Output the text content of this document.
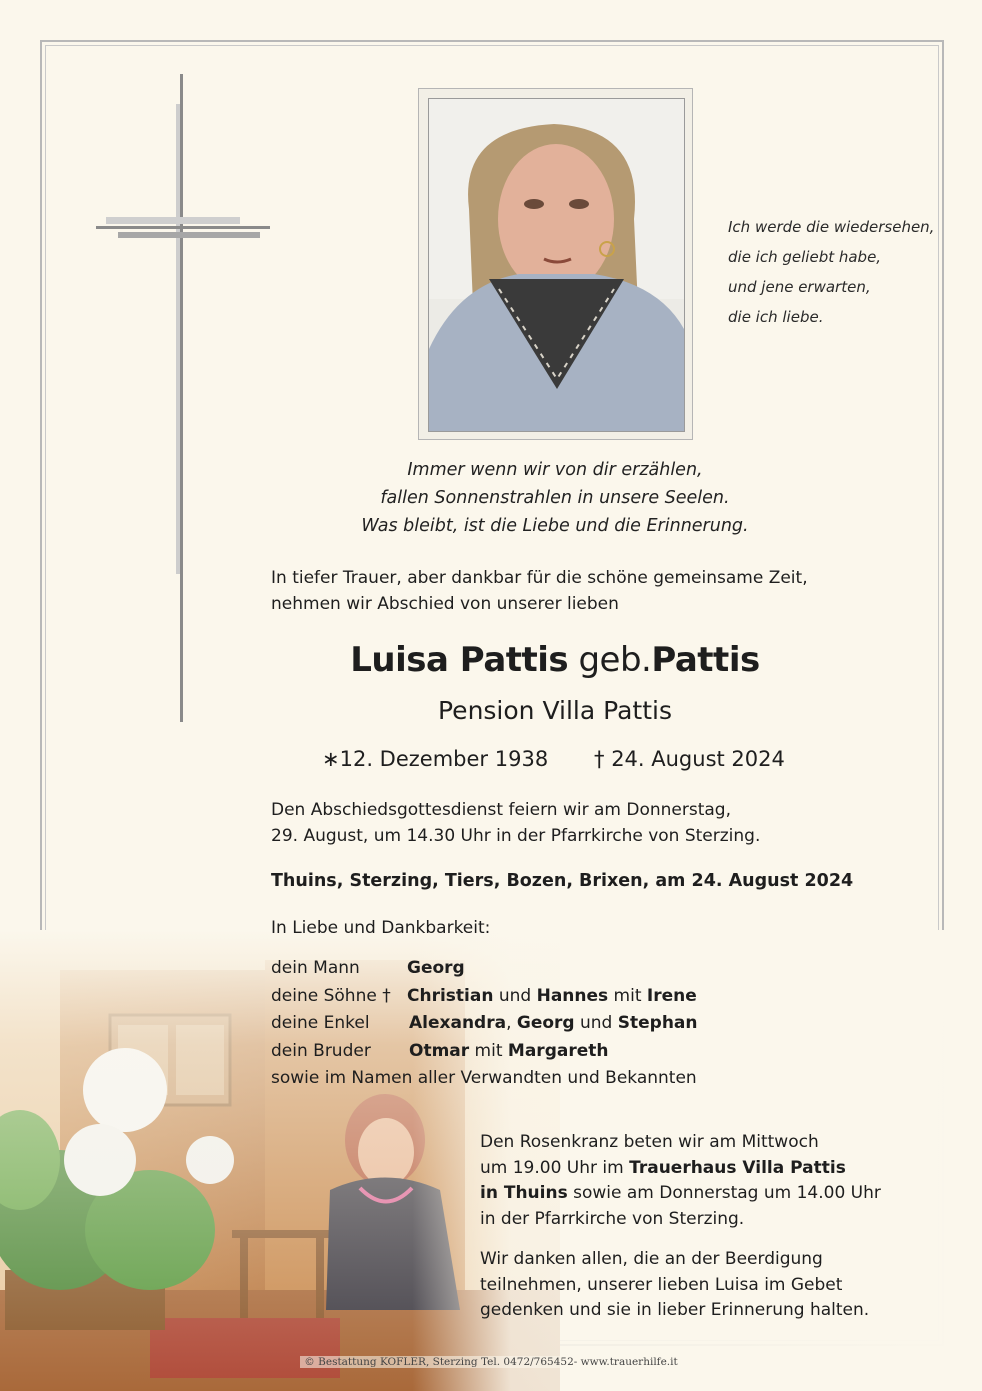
Ich werde die wiedersehen,
die ich geliebt habe,
und jene erwarten,
die ich liebe.
Immer wenn wir von dir erzählen,
fallen Sonnenstrahlen in unsere Seelen.
Was bleibt, ist die Liebe und die Erinnerung.
In tiefer Trauer, aber dankbar für die schöne gemeinsame Zeit,
nehmen wir Abschied von unserer lieben
Luisa Pattis geb.Pattis
Pension Villa Pattis
∗12. Dezember 1938 † 24. August 2024
Den Abschiedsgottesdienst feiern wir am Donnerstag,
29. August, um 14.30 Uhr in der Pfarrkirche von Sterzing.
Thuins, Sterzing, Tiers, Bozen, Brixen, am 24. August 2024
In Liebe und Dankbarkeit:
dein Mann	Georg
deine Söhne † Christian und Hannes mit Irene
deine Enkel Alexandra, Georg und Stephan
dein Bruder Otmar mit Margareth
sowie im Namen aller Verwandten und Bekannten
Den Rosenkranz beten wir am Mittwoch
um 19.00 Uhr im Trauerhaus Villa Pattis
in Thuins sowie am Donnerstag um 14.00 Uhr
in der Pfarrkirche von Sterzing.
Wir danken allen, die an der Beerdigung
teilnehmen, unserer lieben Luisa im Gebet
gedenken und sie in lieber Erinnerung halten.
© Bestattung KOFLER, Sterzing Tel. 0472/765452- www.trauerhilfe.it
